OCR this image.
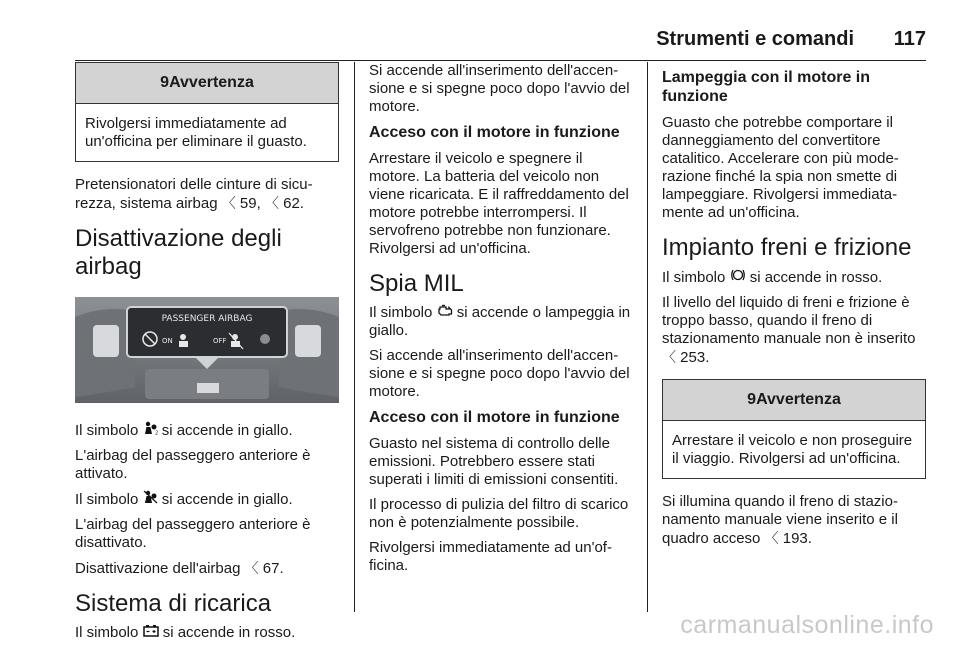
Strumenti e comandi 117
9Avvertenza
Rivolgersi immediatamente ad un'officina per eliminare il guasto.

Pretensionatori delle cinture di sicurezza, sistema airbag 〈 59, 〈 62.

Disattivazione degli airbag
PASSENGER AIRBAG
ON	OFF

Il simbolo 2 si accende in giallo.

L'airbag del passeggero anteriore è attivato.

Il simbolo  si accende in giallo.

L'airbag del passeggero anteriore è disattivato.

Disattivazione dell'airbag 〈 67.

Sistema di ricarica

Il simbolo  si accende in rosso.

Si accende all'inserimento dell'accensione e si spegne poco dopo l'avvio del motore.

Acceso con il motore in funzione

Arrestare il veicolo e spegnere il motore. La batteria del veicolo non viene ricaricata. E il raffreddamento del motore potrebbe interrompersi. Il servofreno potrebbe non funzionare. Rivolgersi ad un'officina.

Spia MIL

Il simbolo  si accende o lampeggia in giallo.

Si accende all'inserimento dell'accensione e si spegne poco dopo l'avvio del motore.

Acceso con il motore in funzione

Guasto nel sistema di controllo delle emissioni. Potrebbero essere stati superati i limiti di emissioni consentiti.

Il processo di pulizia del filtro di scarico non è potenzialmente possibile.

Rivolgersi immediatamente ad un'officina.

Lampeggia con il motore in funzione

Guasto che potrebbe comportare il danneggiamento del convertitore catalitico. Accelerare con più moderazione finché la spia non smette di lampeggiare. Rivolgersi immediatamente ad un'officina.

Impianto freni e frizione

Il simbolo  si accende in rosso.

Il livello del liquido di freni e frizione è troppo basso, quando il freno di stazionamento manuale non è inserito 〈 253.

9Avvertenza
Arrestare il veicolo e non proseguire il viaggio. Rivolgersi ad un'officina.

Si illumina quando il freno di stazionamento manuale viene inserito e il quadro acceso 〈 193.

carmanualsonline.info
